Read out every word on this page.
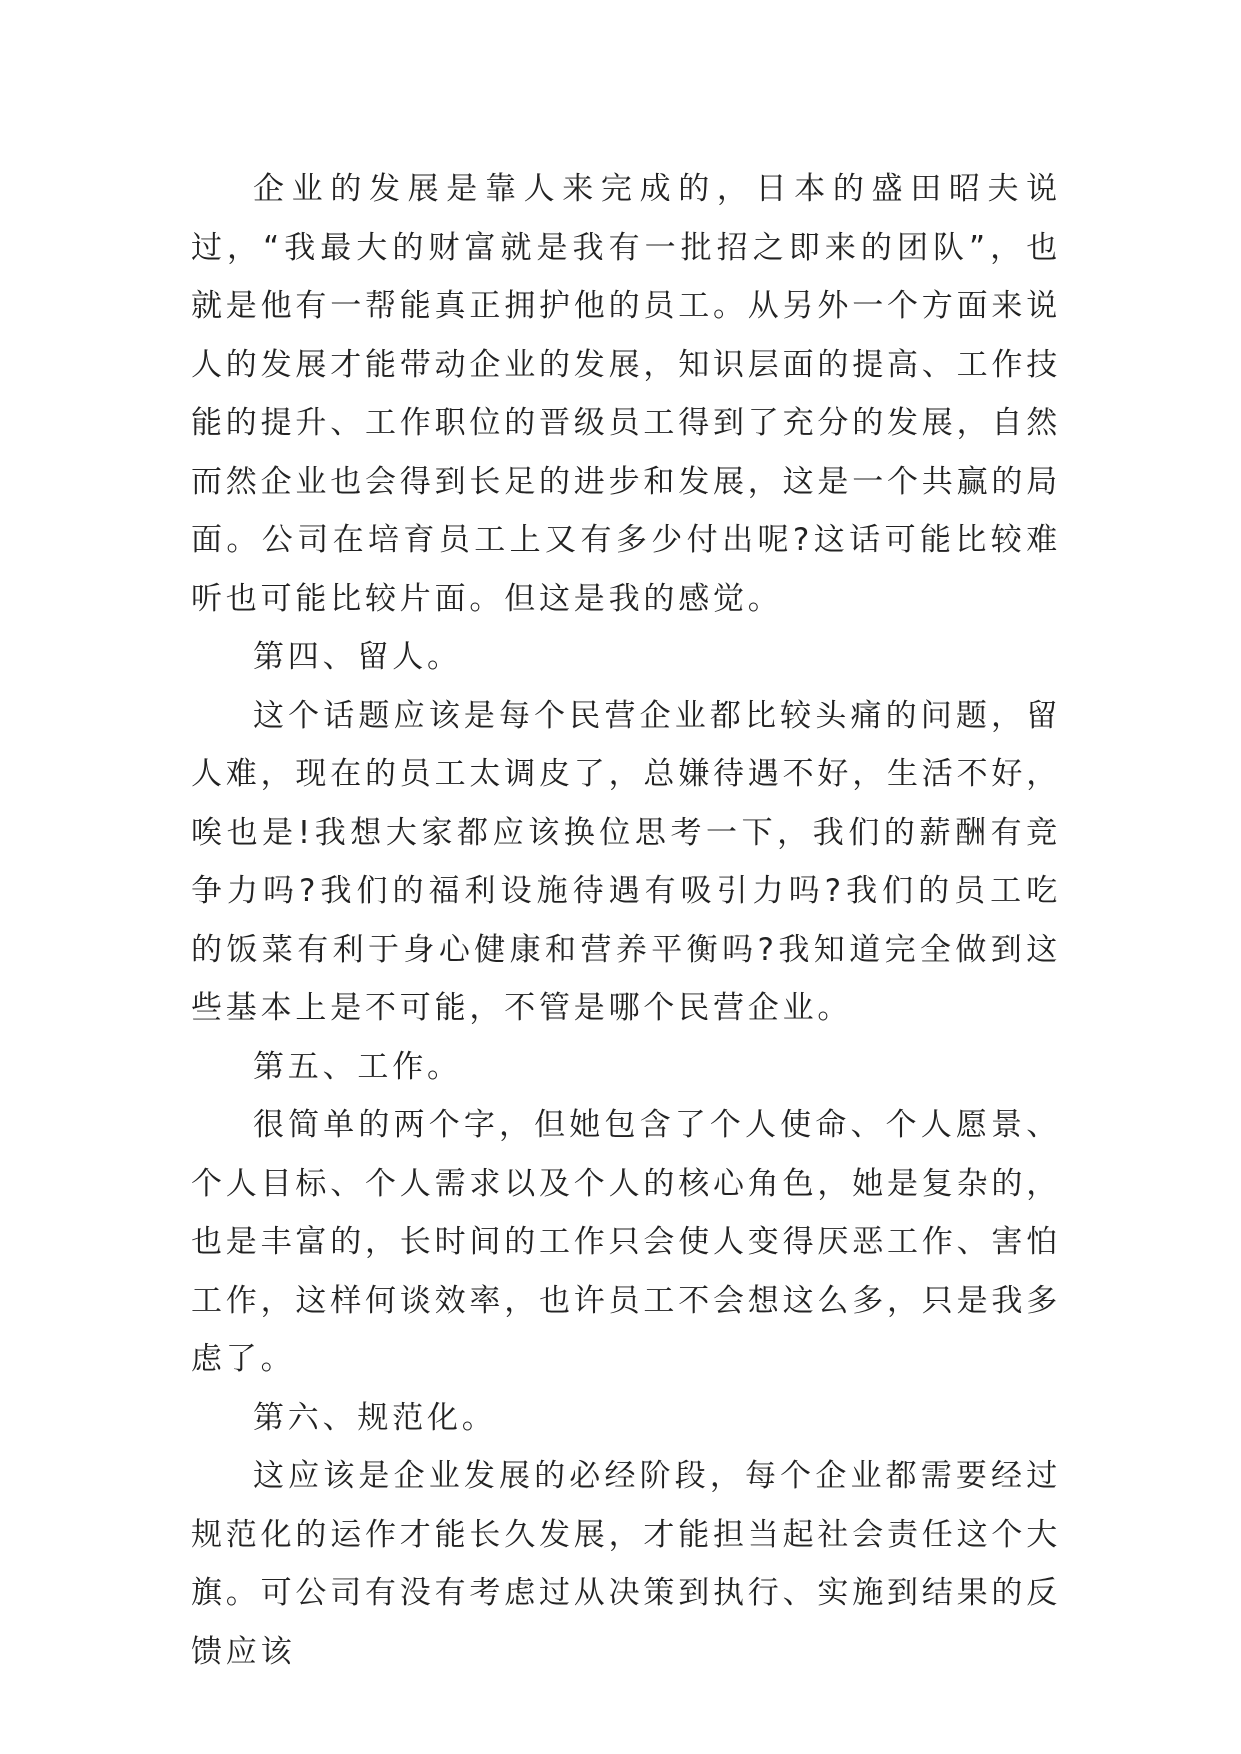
企业的发展是靠人来完成的，日本的盛田昭夫说过，“我最大的财富就是我有一批招之即来的团队”，也就是他有一帮能真正拥护他的员工。从另外一个方面来说人的发展才能带动企业的发展，知识层面的提高、工作技能的提升、工作职位的晋级员工得到了充分的发展，自然而然企业也会得到长足的进步和发展，这是一个共赢的局面。公司在培育员工上又有多少付出呢?这话可能比较难听也可能比较片面。但这是我的感觉。

第四、留人。

这个话题应该是每个民营企业都比较头痛的问题，留人难，现在的员工太调皮了，总嫌待遇不好，生活不好，唉也是!我想大家都应该换位思考一下，我们的薪酬有竞争力吗?我们的福利设施待遇有吸引力吗?我们的员工吃的饭菜有利于身心健康和营养平衡吗?我知道完全做到这些基本上是不可能，不管是哪个民营企业。

第五、工作。

很简单的两个字，但她包含了个人使命、个人愿景、个人目标、个人需求以及个人的核心角色，她是复杂的，也是丰富的，长时间的工作只会使人变得厌恶工作、害怕工作，这样何谈效率，也许员工不会想这么多，只是我多虑了。

第六、规范化。

这应该是企业发展的必经阶段，每个企业都需要经过规范化的运作才能长久发展，才能担当起社会责任这个大旗。可公司有没有考虑过从决策到执行、实施到结果的反馈应该
